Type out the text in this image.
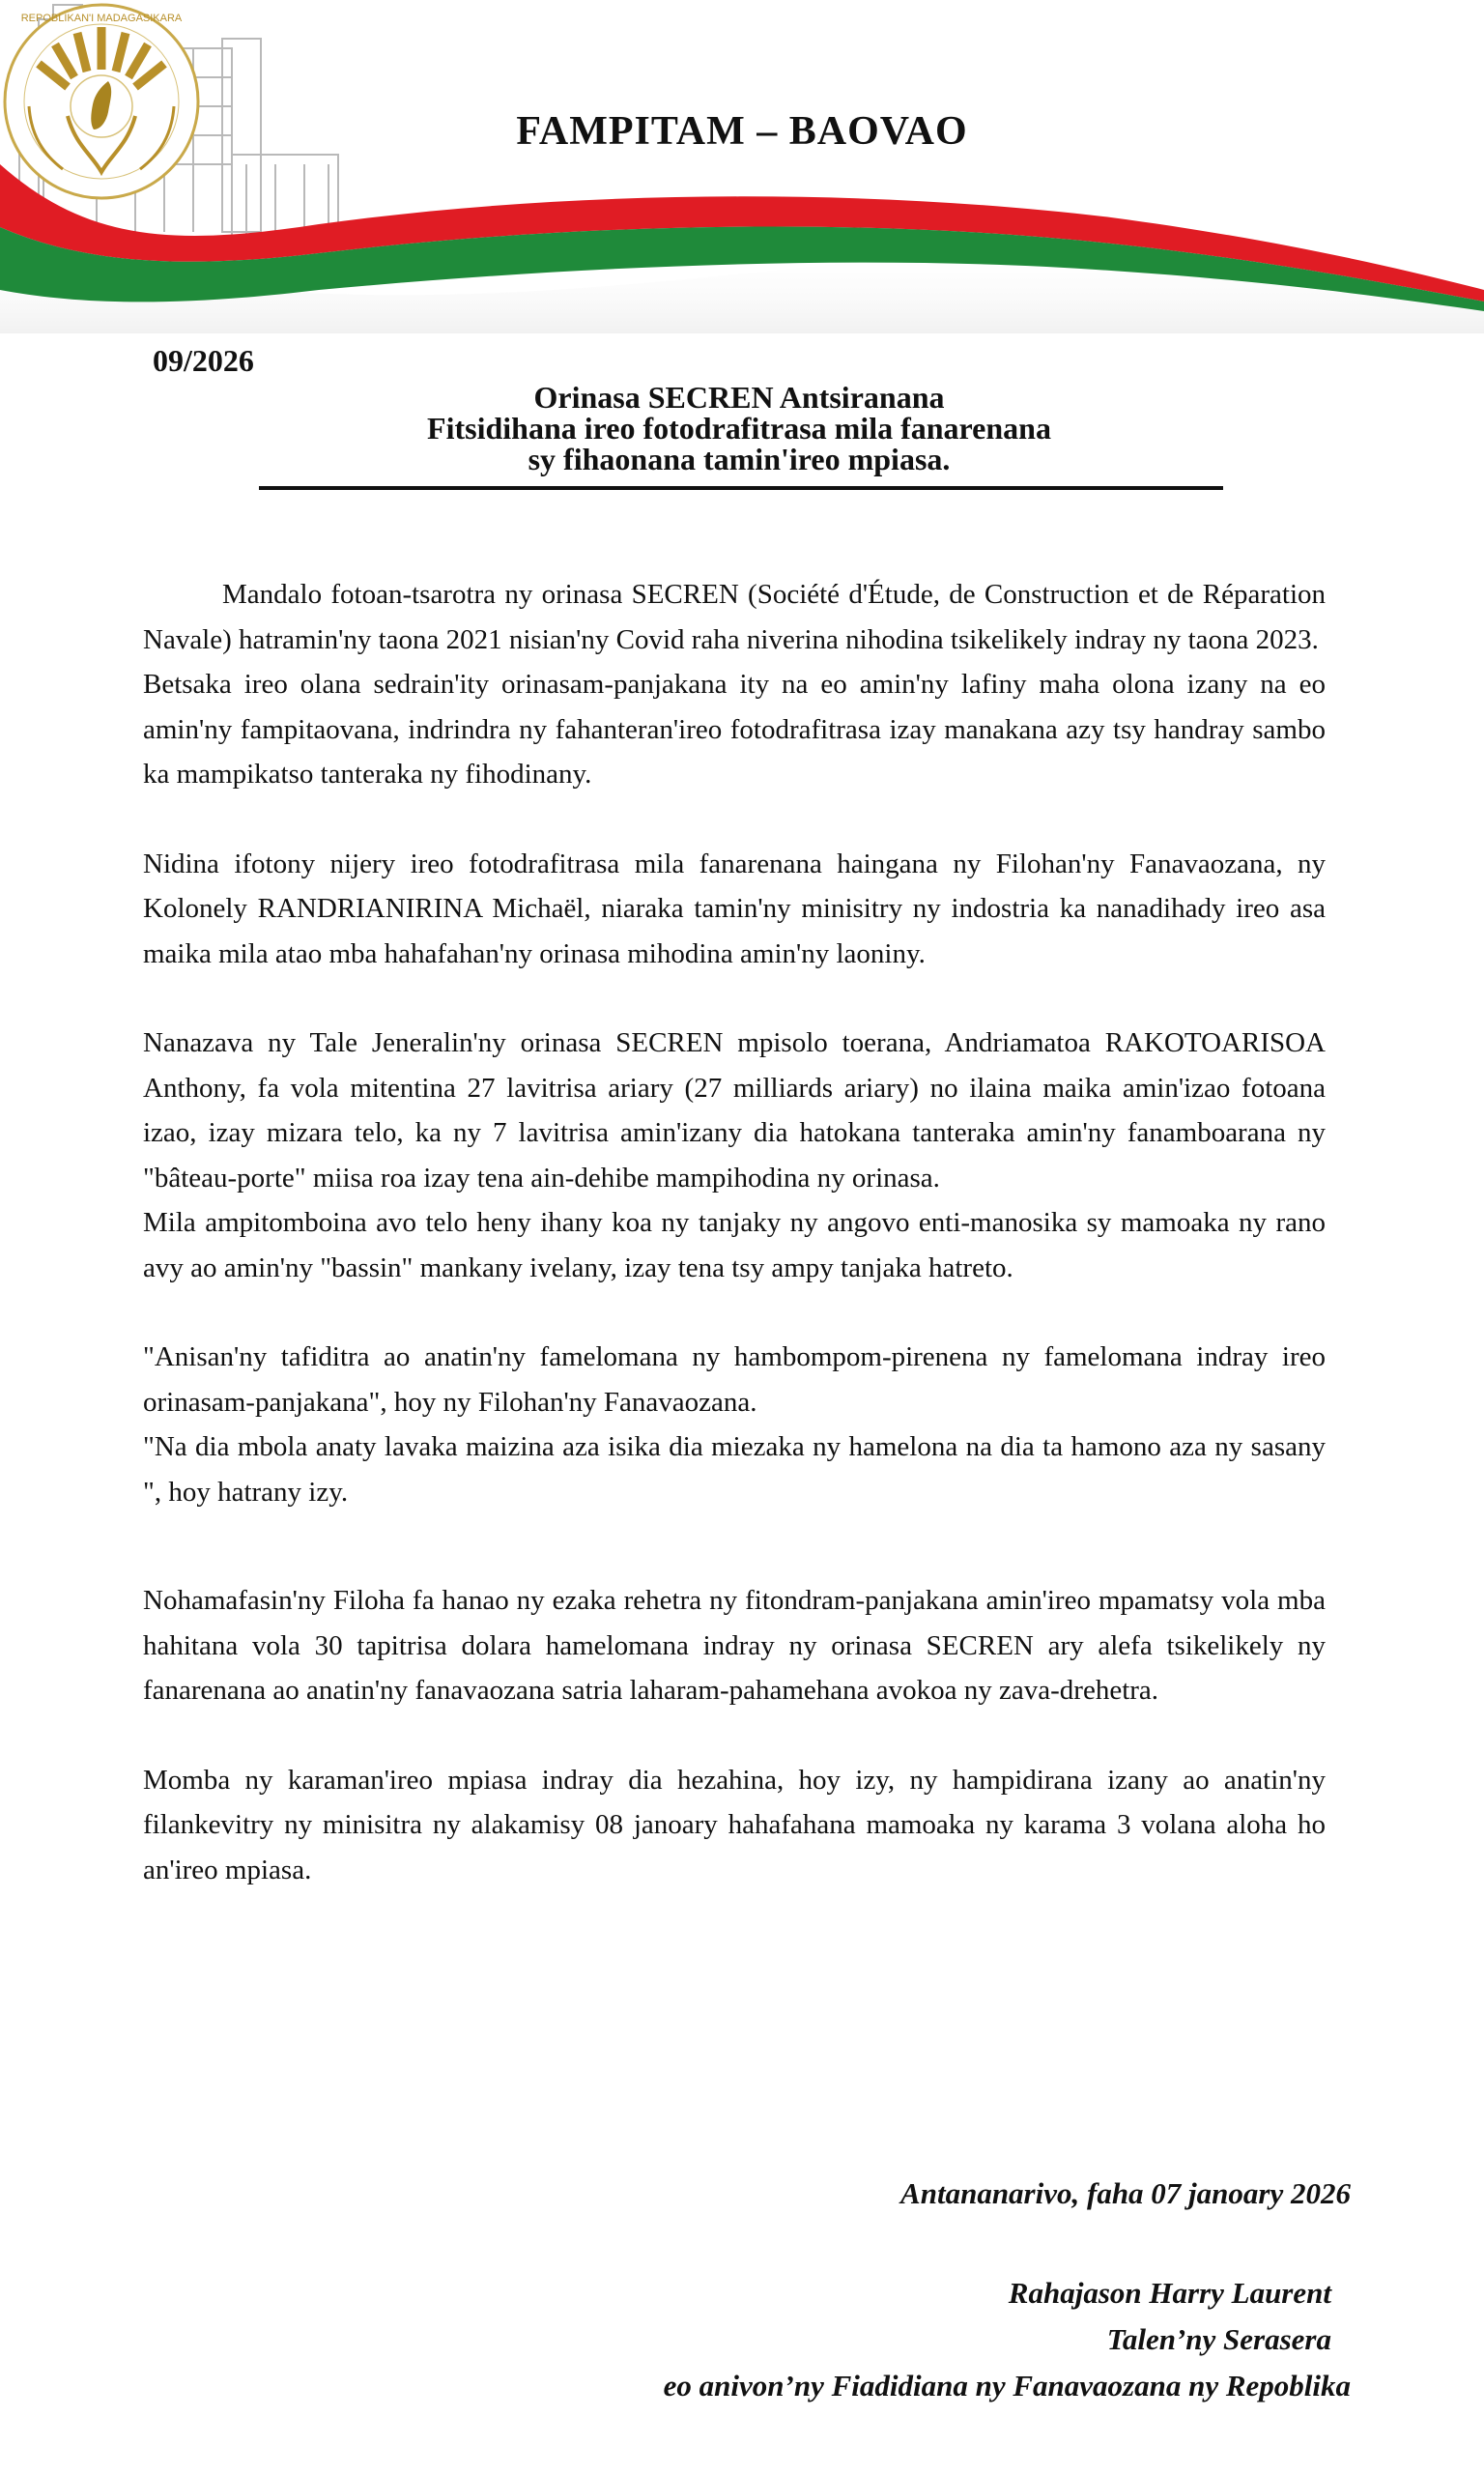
FAMPITAM – BAOVAO
REPOBLIKAN'I MADAGASIKARA
09/2026
Orinasa SECREN Antsiranana
Fitsidihana ireo fotodrafitrasa mila fanarenana
sy fihaonana tamin'ireo mpiasa.

Mandalo fotoan-tsarotra ny orinasa SECREN (Société d'Étude, de Construction et de Réparation Navale) hatramin'ny taona 2021 nisian'ny Covid raha niverina nihodina tsikelikely indray ny taona 2023.

Betsaka ireo olana sedrain'ity orinasam-panjakana ity na eo amin'ny lafiny maha olona izany na eo amin'ny fampitaovana, indrindra ny fahanteran'ireo fotodrafitrasa izay manakana azy tsy handray sambo ka mampikatso tanteraka ny fihodinany.

Nidina ifotony nijery ireo fotodrafitrasa mila fanarenana haingana ny Filohan'ny Fanavaozana, ny Kolonely RANDRIANIRINA Michaël, niaraka tamin'ny minisitry ny indostria ka nanadihady ireo asa maika mila atao mba hahafahan'ny orinasa mihodina amin'ny laoniny.

Nanazava ny Tale Jeneralin'ny orinasa SECREN mpisolo toerana, Andriamatoa RAKOTOARISOA Anthony, fa vola mitentina 27 lavitrisa ariary (27 milliards ariary) no ilaina maika amin'izao fotoana izao, izay mizara telo, ka ny 7 lavitrisa amin'izany dia hatokana tanteraka amin'ny fanamboarana ny "bâteau-porte" miisa roa izay tena ain-dehibe mampihodina ny orinasa.

Mila ampitomboina avo telo heny ihany koa ny tanjaky ny angovo enti-manosika sy mamoaka ny rano avy ao amin'ny "bassin" mankany ivelany, izay tena tsy ampy tanjaka hatreto.

"Anisan'ny tafiditra ao anatin'ny famelomana ny hambompom-pirenena ny famelomana indray ireo orinasam-panjakana", hoy ny Filohan'ny Fanavaozana.

"Na dia mbola anaty lavaka maizina aza isika dia miezaka ny hamelona na dia ta hamono aza ny sasany ", hoy hatrany izy.

Nohamafasin'ny Filoha fa hanao ny ezaka rehetra ny fitondram-panjakana amin'ireo mpamatsy vola mba hahitana vola 30 tapitrisa dolara hamelomana indray ny orinasa SECREN ary alefa tsikelikely ny fanarenana ao anatin'ny fanavaozana satria laharam-pahamehana avokoa ny zava-drehetra.

Momba ny karaman'ireo mpiasa indray dia hezahina, hoy izy, ny hampidirana izany ao anatin'ny filankevitry ny minisitra ny alakamisy 08 janoary hahafahana mamoaka ny karama 3 volana aloha ho an'ireo mpiasa.

Antananarivo, faha 07 janoary 2026
Rahajason Harry Laurent
Talen’ny Serasera
eo anivon’ny Fiadidiana ny Fanavaozana ny Repoblika
